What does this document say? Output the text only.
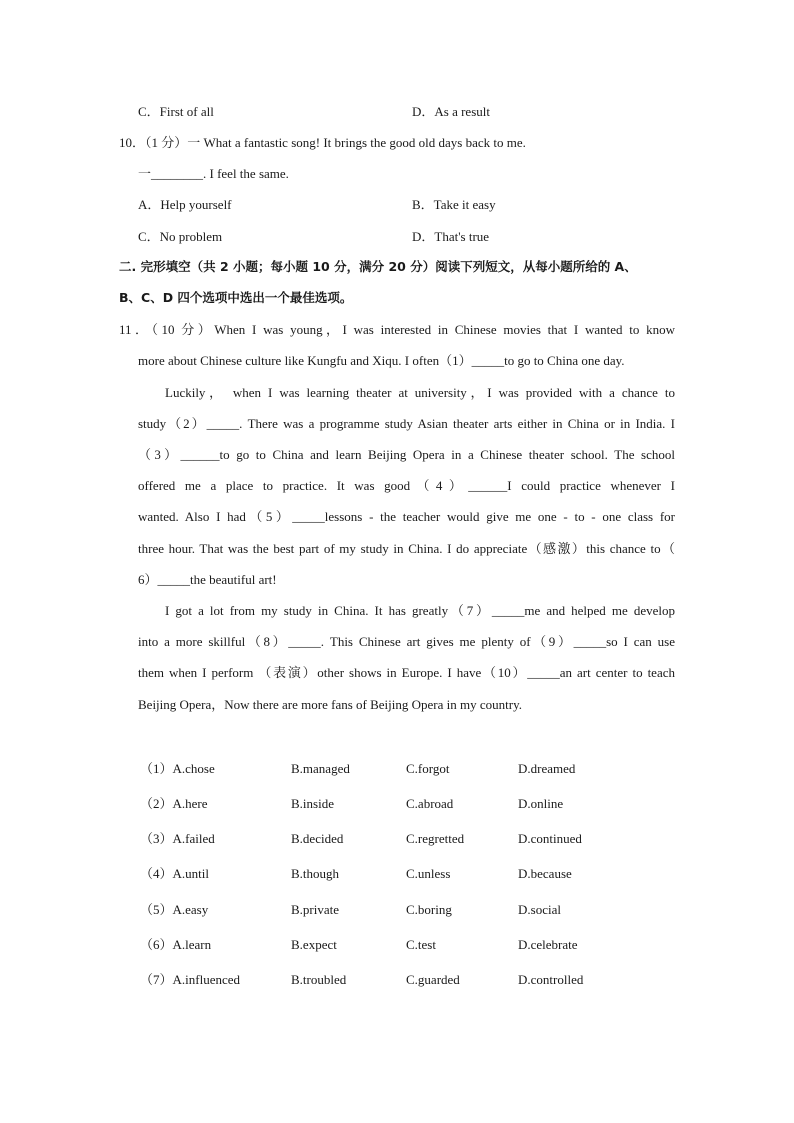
C．First of all	D．As a result
10．（1 分）一 What a fantastic song! It brings the good old days back to me.
一________. I feel the same.
A．Help yourself	B．Take it easy
C．No problem	D．That's true
二. 完形填空（共 2 小题；每小题 10 分，满分 20 分）阅读下列短文，从每小题所给的 A、
B、C、D 四个选项中选出一个最佳选项。
11．（10 分）When I was young，I was interested in Chinese movies that I wanted to know
more about Chinese culture like Kungfu and Xiqu. I often（1）_____to go to China one day.
Luckily， when I was learning theater at university，I was provided with a chance to
study（2）_____. There was a programme study Asian theater arts either in China or in India. I
（3）______to go to China and learn Beijing Opera in a Chinese theater school. The school
offered me a place to practice. It was good（4）______I could practice whenever I
wanted. Also I had（5）_____lessons - the teacher would give me one - to - one class for
three hour. That was the best part of my study in China. I do appreciate（感激）this chance to（
6）_____the beautiful art!
I got a lot from my study in China. It has greatly（7）_____me and helped me develop
into a more skillful（8）_____. This Chinese art gives me plenty of（9）_____so I can use
them when I perform （表演）other shows in Europe. I have（10）_____an art center to teach
Beijing Opera，Now there are more fans of Beijing Opera in my country.
（1）A.chose	B.managed	C.forgot	D.dreamed
（2）A.here	B.inside	C.abroad	D.online
（3）A.failed	B.decided	C.regretted	D.continued
（4）A.until	B.though	C.unless	D.because
（5）A.easy	B.private	C.boring	D.social
（6）A.learn	B.expect	C.test	D.celebrate
（7）A.influenced	B.troubled	C.guarded	D.controlled
